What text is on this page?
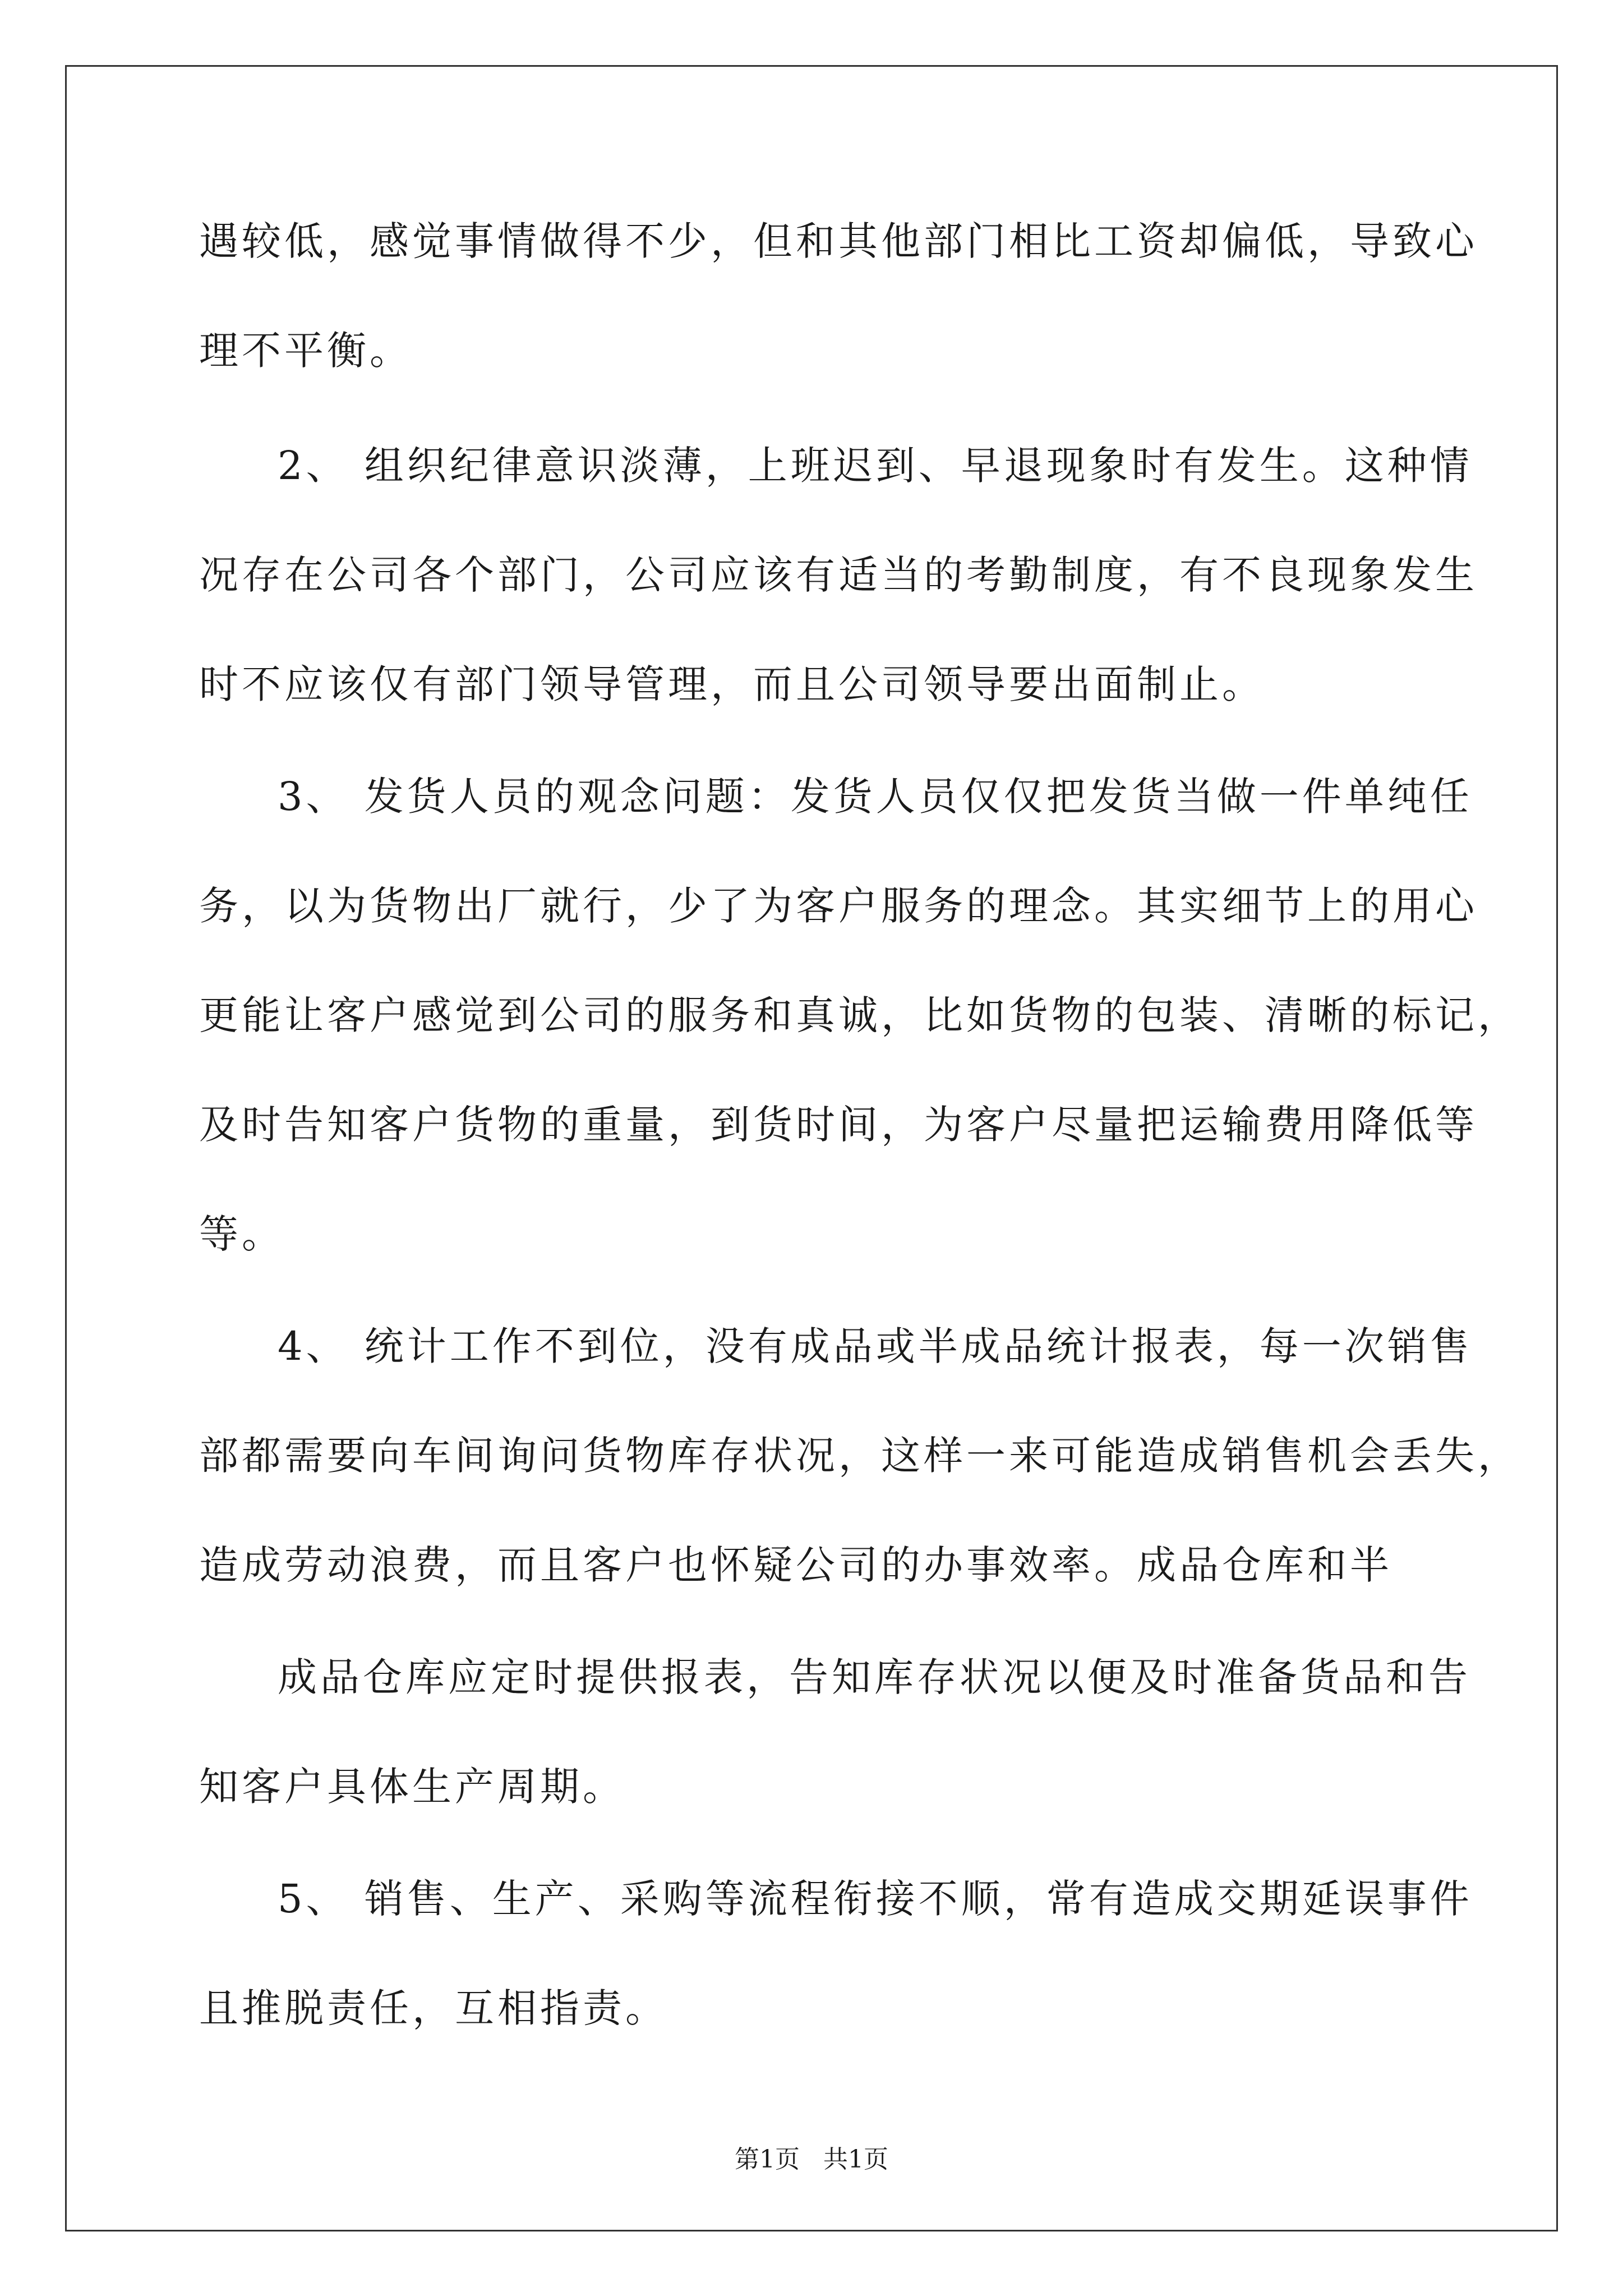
遇较低，感觉事情做得不少，但和其他部门相比工资却偏低，导致心
理不平衡。
2、 组织纪律意识淡薄，上班迟到、早退现象时有发生。这种情
况存在公司各个部门，公司应该有适当的考勤制度，有不良现象发生
时不应该仅有部门领导管理，而且公司领导要出面制止。
3、 发货人员的观念问题：发货人员仅仅把发货当做一件单纯任
务，以为货物出厂就行，少了为客户服务的理念。其实细节上的用心
更能让客户感觉到公司的服务和真诚，比如货物的包装、清晰的标记，
及时告知客户货物的重量，到货时间，为客户尽量把运输费用降低等
等。
4、 统计工作不到位，没有成品或半成品统计报表，每一次销售
部都需要向车间询问货物库存状况，这样一来可能造成销售机会丢失，
造成劳动浪费，而且客户也怀疑公司的办事效率。成品仓库和半
成品仓库应定时提供报表，告知库存状况以便及时准备货品和告
知客户具体生产周期。
5、 销售、生产、采购等流程衔接不顺，常有造成交期延误事件
且推脱责任，互相指责。
第1页   共1页
